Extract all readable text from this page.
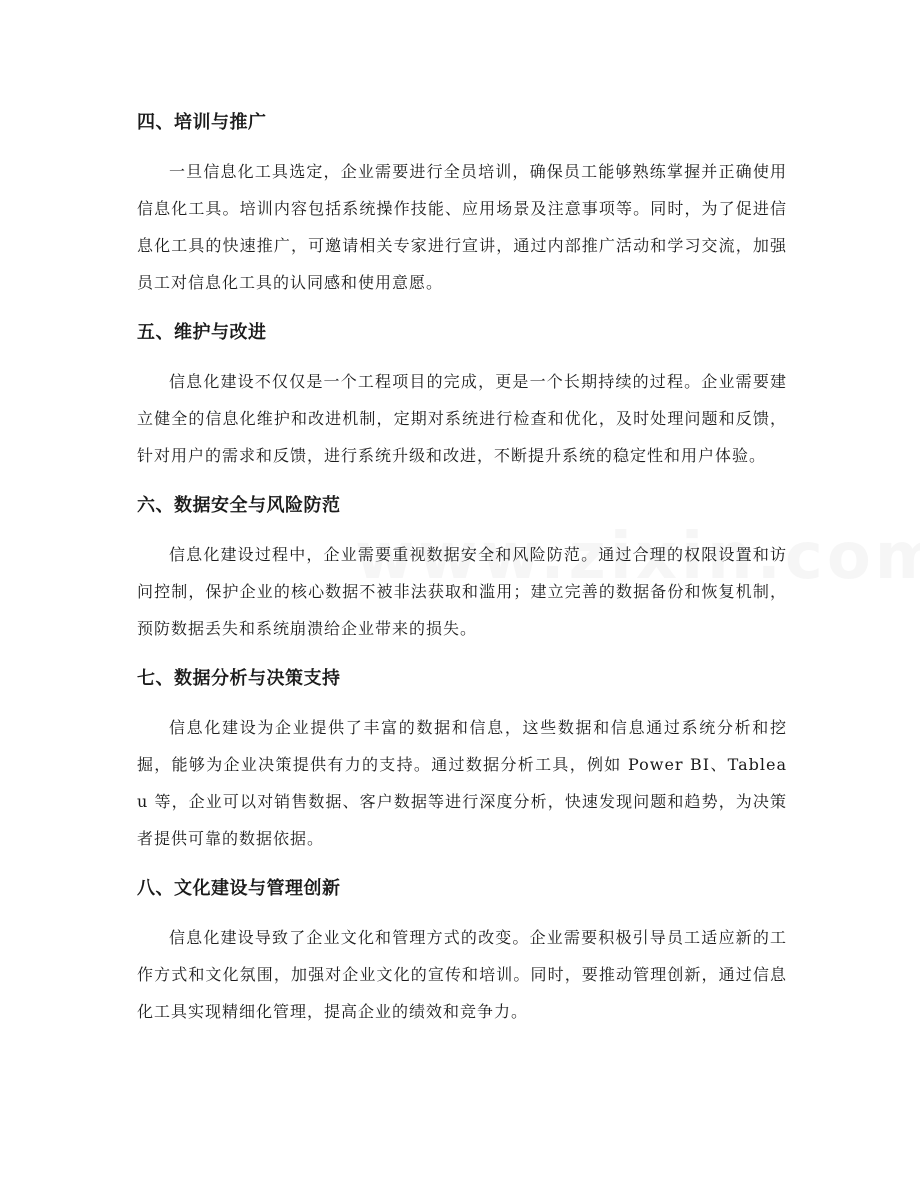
四、培训与推广

一旦信息化工具选定，企业需要进行全员培训，确保员工能够熟练掌握并正确使用信息化工具。培训内容包括系统操作技能、应用场景及注意事项等。同时，为了促进信息化工具的快速推广，可邀请相关专家进行宣讲，通过内部推广活动和学习交流，加强员工对信息化工具的认同感和使用意愿。

五、维护与改进

信息化建设不仅仅是一个工程项目的完成，更是一个长期持续的过程。企业需要建立健全的信息化维护和改进机制，定期对系统进行检查和优化，及时处理问题和反馈，针对用户的需求和反馈，进行系统升级和改进，不断提升系统的稳定性和用户体验。

六、数据安全与风险防范

信息化建设过程中，企业需要重视数据安全和风险防范。通过合理的权限设置和访问控制，保护企业的核心数据不被非法获取和滥用；建立完善的数据备份和恢复机制，预防数据丢失和系统崩溃给企业带来的损失。

七、数据分析与决策支持

信息化建设为企业提供了丰富的数据和信息，这些数据和信息通过系统分析和挖掘，能够为企业决策提供有力的支持。通过数据分析工具，例如 Power BI、Tableau 等，企业可以对销售数据、客户数据等进行深度分析，快速发现问题和趋势，为决策者提供可靠的数据依据。

八、文化建设与管理创新

信息化建设导致了企业文化和管理方式的改变。企业需要积极引导员工适应新的工作方式和文化氛围，加强对企业文化的宣传和培训。同时，要推动管理创新，通过信息化工具实现精细化管理，提高企业的绩效和竞争力。
